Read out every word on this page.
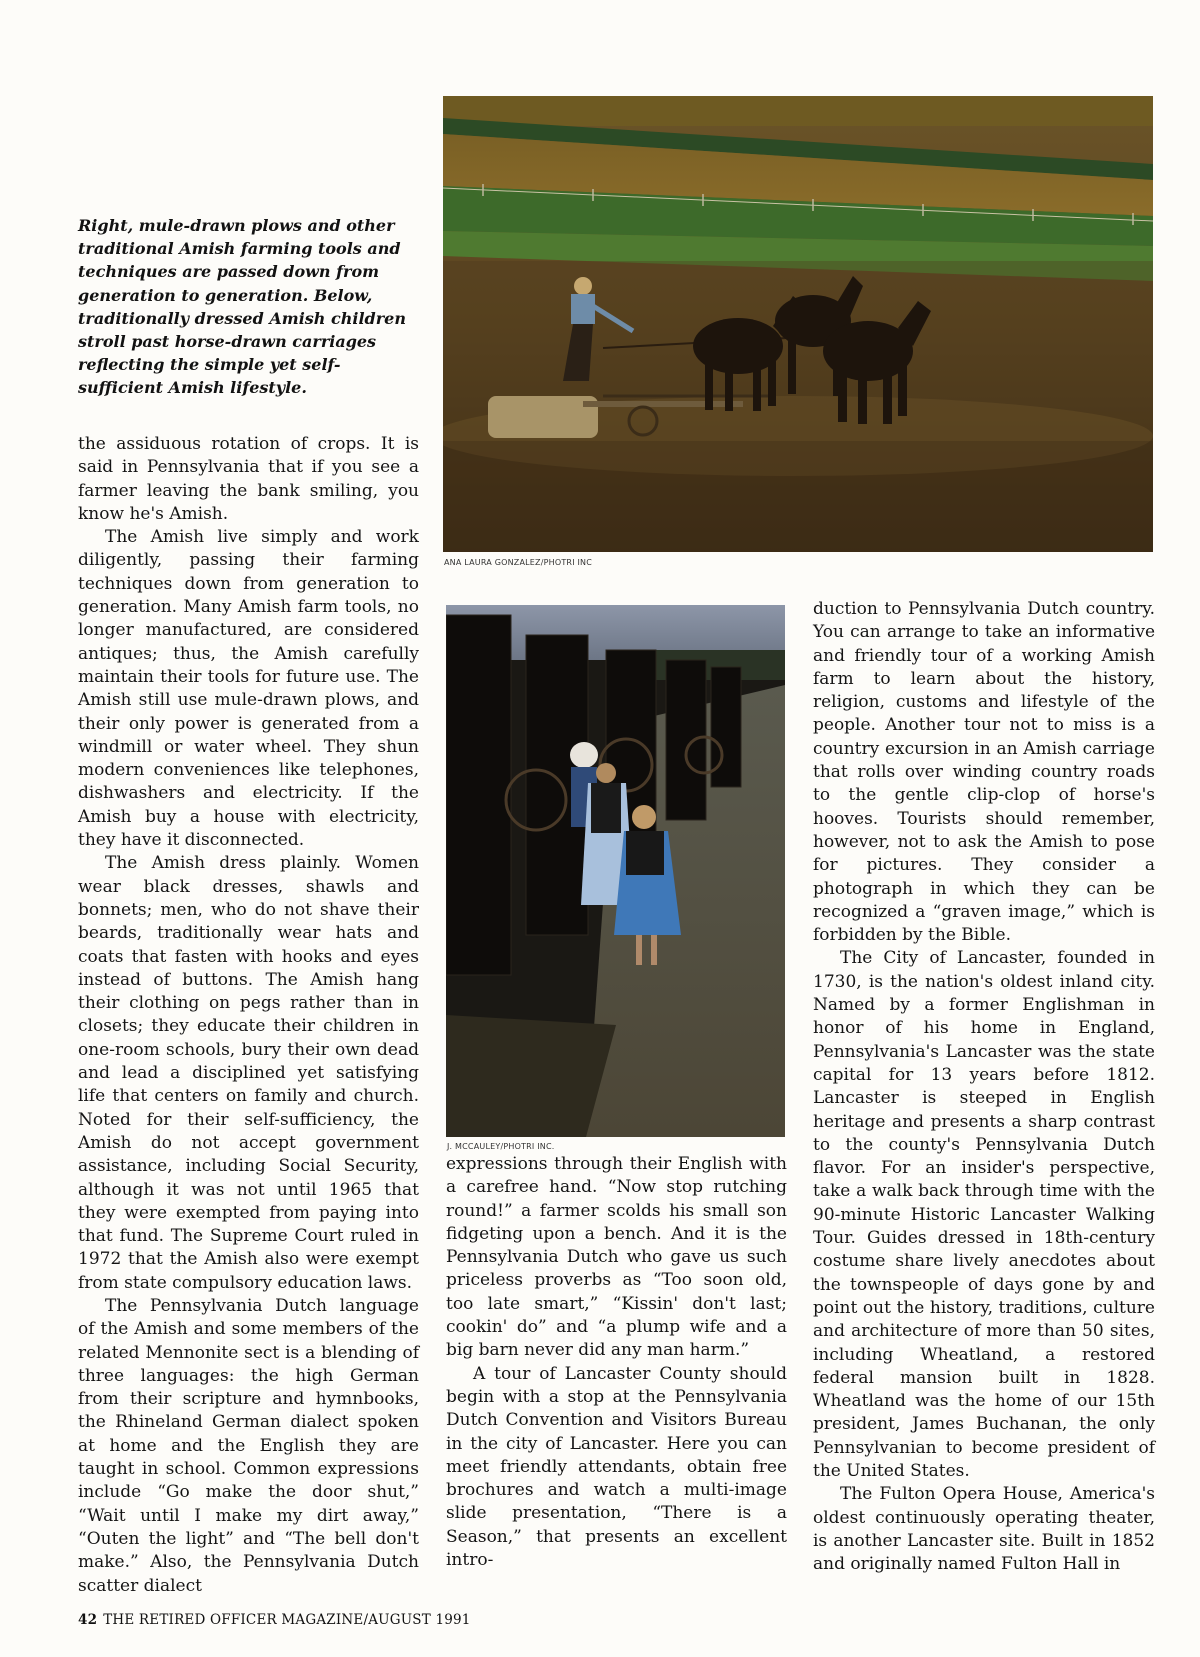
Right, mule-drawn plows and other traditional Amish farming tools and techniques are passed down from generation to generation. Below, traditionally dressed Amish children stroll past horse-drawn carriages reflecting the simple yet self-sufficient Amish lifestyle.
ANA LAURA GONZALEZ/PHOTRI INC
J. MCCAULEY/PHOTRI INC.

the assiduous rotation of crops. It is said in Pennsylvania that if you see a farmer leaving the bank smiling, you know he's Amish.

The Amish live simply and work diligently, passing their farming techniques down from generation to generation. Many Amish farm tools, no longer manufactured, are considered antiques; thus, the Amish carefully maintain their tools for future use. The Amish still use mule-drawn plows, and their only power is generated from a windmill or water wheel. They shun modern conveniences like telephones, dishwashers and electricity. If the Amish buy a house with electricity, they have it disconnected.

The Amish dress plainly. Women wear black dresses, shawls and bonnets; men, who do not shave their beards, traditionally wear hats and coats that fasten with hooks and eyes instead of buttons. The Amish hang their clothing on pegs rather than in closets; they educate their children in one-room schools, bury their own dead and lead a disciplined yet satisfying life that centers on family and church. Noted for their self-sufficiency, the Amish do not accept government assistance, including Social Security, although it was not until 1965 that they were exempted from paying into that fund. The Supreme Court ruled in 1972 that the Amish also were exempt from state compulsory education laws.

The Pennsylvania Dutch language of the Amish and some members of the related Mennonite sect is a blending of three languages: the high German from their scripture and hymnbooks, the Rhineland German dialect spoken at home and the English they are taught in school. Common expressions include “Go make the door shut,” “Wait until I make my dirt away,” “Outen the light” and “The bell don't make.” Also, the Pennsylvania Dutch scatter dialect

expressions through their English with a carefree hand. “Now stop rutching round!” a farmer scolds his small son fidgeting upon a bench. And it is the Pennsylvania Dutch who gave us such priceless proverbs as “Too soon old, too late smart,” “Kissin' don't last; cookin' do” and “a plump wife and a big barn never did any man harm.”

A tour of Lancaster County should begin with a stop at the Pennsylvania Dutch Convention and Visitors Bureau in the city of Lancaster. Here you can meet friendly attendants, obtain free brochures and watch a multi-image slide presentation, “There is a Season,” that presents an excellent intro-

duction to Pennsylvania Dutch country. You can arrange to take an informative and friendly tour of a working Amish farm to learn about the history, religion, customs and lifestyle of the people. Another tour not to miss is a country excursion in an Amish carriage that rolls over winding country roads to the gentle clip-clop of horse's hooves. Tourists should remember, however, not to ask the Amish to pose for pictures. They consider a photograph in which they can be recognized a “graven image,” which is forbidden by the Bible.

The City of Lancaster, founded in 1730, is the nation's oldest inland city. Named by a former Englishman in honor of his home in England, Pennsylvania's Lancaster was the state capital for 13 years before 1812. Lancaster is steeped in English heritage and presents a sharp contrast to the county's Pennsylvania Dutch flavor. For an insider's perspective, take a walk back through time with the 90-minute Historic Lancaster Walking Tour. Guides dressed in 18th-century costume share lively anecdotes about the townspeople of days gone by and point out the history, traditions, culture and architecture of more than 50 sites, including Wheatland, a restored federal mansion built in 1828. Wheatland was the home of our 15th president, James Buchanan, the only Pennsylvanian to become president of the United States.

The Fulton Opera House, America's oldest continuously operating theater, is another Lancaster site. Built in 1852 and originally named Fulton Hall in

42 THE RETIRED OFFICER MAGAZINE/AUGUST 1991
